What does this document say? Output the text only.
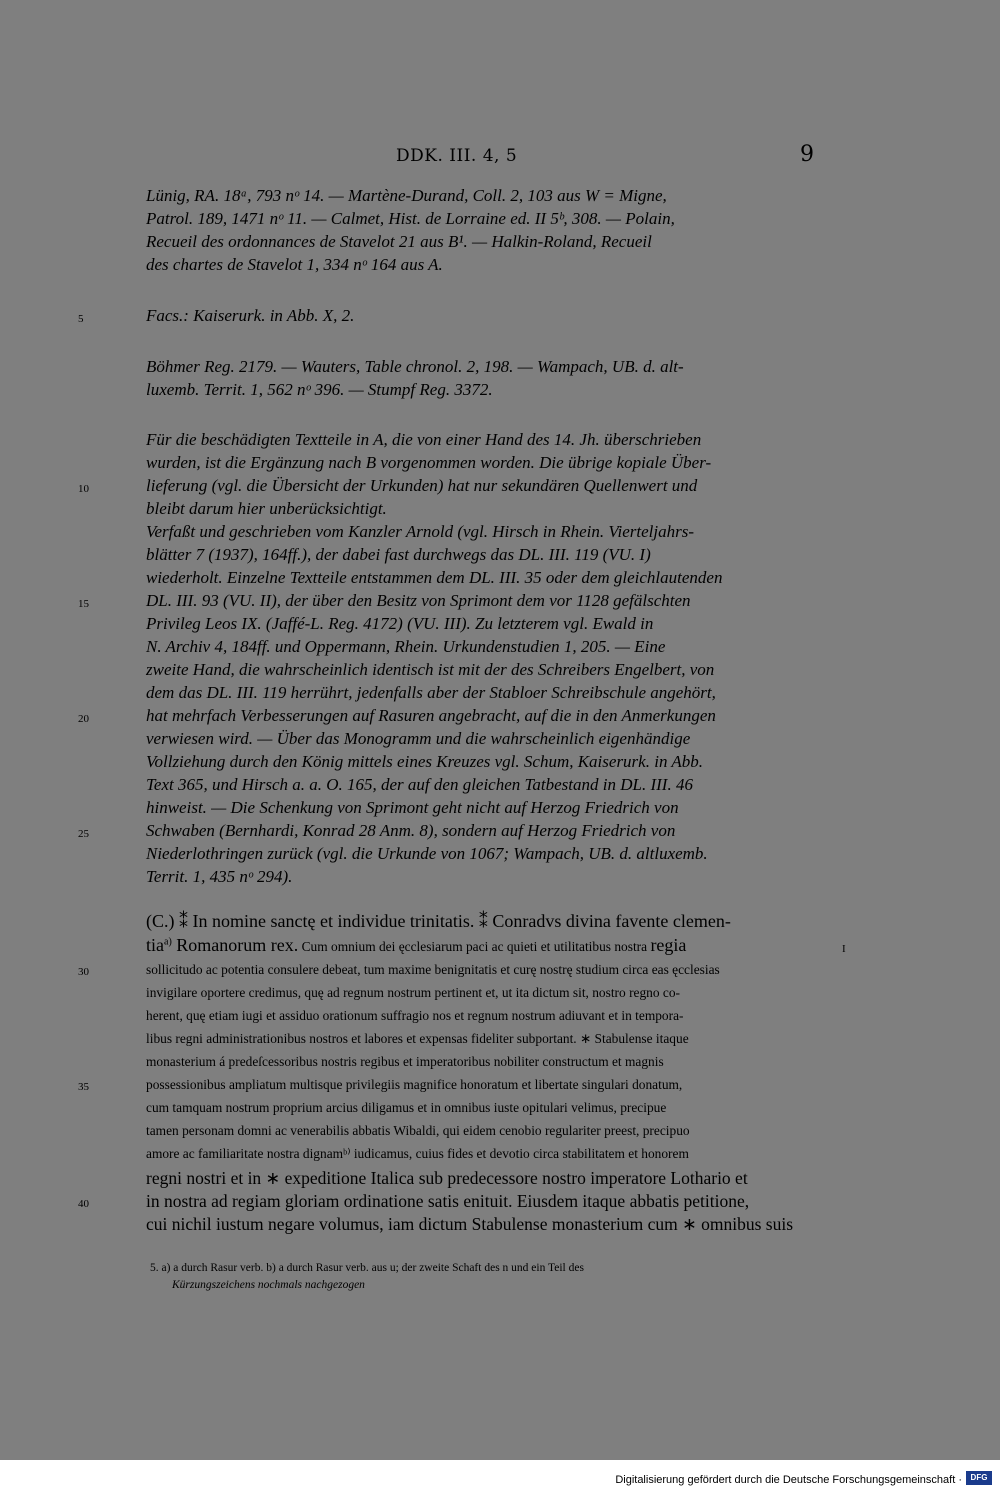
DDK. III. 4, 5	9
Lünig, RA. 18ᵃ, 793 nᵒ 14. — Martène-Durand, Coll. 2, 103 aus W = Migne,
Patrol. 189, 1471 nᵒ 11. — Calmet, Hist. de Lorraine ed. II 5ᵇ, 308. — Polain,
Recueil des ordonnances de Stavelot 21 aus B¹. — Halkin-Roland, Recueil
des chartes de Stavelot 1, 334 nᵒ 164 aus A.
5	Facs.: Kaiserurk. in Abb. X, 2.
Böhmer Reg. 2179. — Wauters, Table chronol. 2, 198. — Wampach, UB. d. alt-
luxemb. Territ. 1, 562 nᵒ 396. — Stumpf Reg. 3372.
Für die beschädigten Textteile in A, die von einer Hand des 14. Jh. überschrieben
wurden, ist die Ergänzung nach B vorgenommen worden. Die übrige kopiale Über-
lieferung (vgl. die Übersicht der Urkunden) hat nur sekundären Quellenwert und
10
bleibt darum hier unberücksichtigt.
Verfaßt und geschrieben vom Kanzler Arnold (vgl. Hirsch in Rhein. Vierteljahrs-
blätter 7 (1937), 164ff.), der dabei fast durchwegs das DL. III. 119 (VU. I)
wiederholt. Einzelne Textteile entstammen dem DL. III. 35 oder dem gleichlautenden
DL. III. 93 (VU. II), der über den Besitz von Sprimont dem vor 1128 gefälschten
15
Privileg Leos IX. (Jaffé-L. Reg. 4172) (VU. III). Zu letzterem vgl. Ewald in
N. Archiv 4, 184ff. und Oppermann, Rhein. Urkundenstudien 1, 205. — Eine
zweite Hand, die wahrscheinlich identisch ist mit der des Schreibers Engelbert, von
dem das DL. III. 119 herrührt, jedenfalls aber der Stabloer Schreibschule angehört,
hat mehrfach Verbesserungen auf Rasuren angebracht, auf die in den Anmerkungen
20
verwiesen wird. — Über das Monogramm und die wahrscheinlich eigenhändige
Vollziehung durch den König mittels eines Kreuzes vgl. Schum, Kaiserurk. in Abb.
Text 365, und Hirsch a. a. O. 165, der auf den gleichen Tatbestand in DL. III. 46
hinweist. — Die Schenkung von Sprimont geht nicht auf Herzog Friedrich von
Schwaben (Bernhardi, Konrad 28 Anm. 8), sondern auf Herzog Friedrich von
25
Niederlothringen zurück (vgl. die Urkunde von 1067; Wampach, UB. d. altluxemb.
Territ. 1, 435 nᵒ 294).
(C.) ⁑ In nomine sanctę et individue trinitatis. ⁑ Conradvs divina favente clemen-
tia$^{a)}$ Romanorum rex. Cum omnium dei ęcclesiarum paci ac quieti et utilitatibus nostra regia	I
sollicitudo ac potentia consulere debeat, tum maxime benignitatis et curę nostrę studium circa eas ęcclesias
30
invigilare oportere credimus, quę ad regnum nostrum pertinent et, ut ita dictum sit, nostro regno co-
herent, quę etiam iugi et assiduo orationum suffragio nos et regnum nostrum adiuvant et in tempora-
libus regni administrationibus nostros et labores et expensas fideliter subportant. ∗ Stabulense itaque
monasterium á predeſcessoribus nostris regibus et imperatoribus nobiliter constructum et magnis
possessionibus ampliatum multisque privilegiis magnifice honoratum et libertate singulari donatum,
35
cum tamquam nostrum proprium arcius diligamus et in omnibus iuste opitulari velimus, precipue
tamen personam domni ac venerabilis abbatis Wibaldi, qui eidem cenobio regulariter preest, precipuo
amore ac familiaritate nostra dignamᵇ⁾ iudicamus, cuius fides et devotio circa stabilitatem et honorem
regni nostri et in ∗ expeditione Italica sub predecessore nostro imperatore Lothario et
40	in nostra ad regiam gloriam ordinatione satis enituit. Eiusdem itaque abbatis petitione,
cui nichil iustum negare volumus, iam dictum Stabulense monasterium cum ∗ omnibus suis
5. a) a durch Rasur verb. b) a durch Rasur verb. aus u; der zweite Schaft des n und ein Teil des
Kürzungszeichens nochmals nachgezogen
Digitalisierung gefördert durch die Deutsche Forschungsgemeinschaft ·	DFG
